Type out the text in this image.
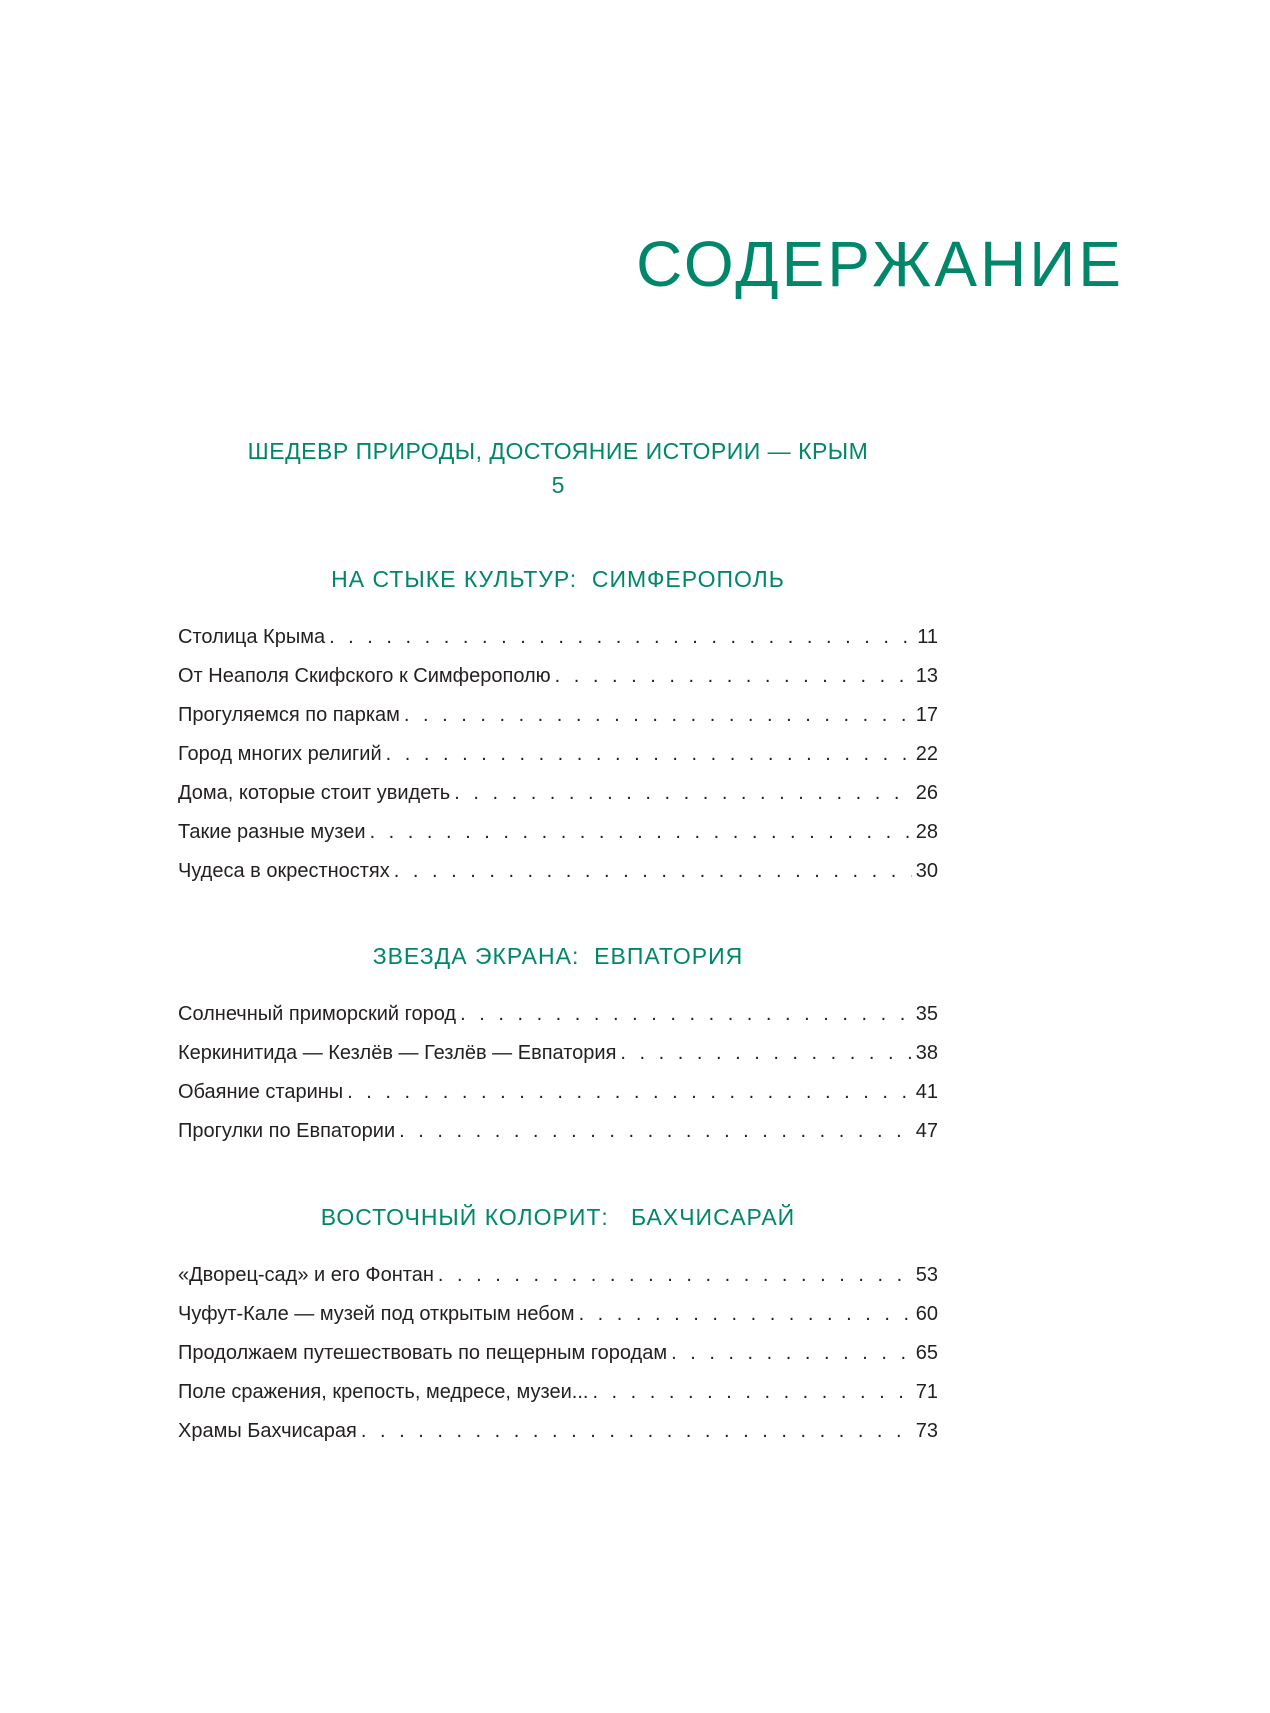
СОДЕРЖАНИЕ
ШЕДЕВР ПРИРОДЫ, ДОСТОЯНИЕ ИСТОРИИ — КРЫМ
5
НА СТЫКЕ КУЛЬТУР:  СИМФЕРОПОЛЬ
Столица Крыма . . .	11
От Неаполя Скифского к Симферополю . . .	13
Прогуляемся по паркам . . .	17
Город многих религий . . .	22
Дома, которые стоит увидеть . . .	26
Такие разные музеи . . .	28
Чудеса в окрестностях . . .	30
ЗВЕЗДА ЭКРАНА:  ЕВПАТОРИЯ
Солнечный приморский город . . .	35
Керкинитида — Кезлёв — Гезлёв — Евпатория . . .	38
Обаяние старины . . .	41
Прогулки по Евпатории . . .	47
ВОСТОЧНЫЙ КОЛОРИТ:   БАХЧИСАРАЙ
«Дворец-сад» и его Фонтан . . .	53
Чуфут-Кале — музей под открытым небом . . .	60
Продолжаем путешествовать по пещерным городам . . .	65
Поле сражения, крепость, медресе, музеи... . . .	71
Храмы Бахчисарая . . .	73
